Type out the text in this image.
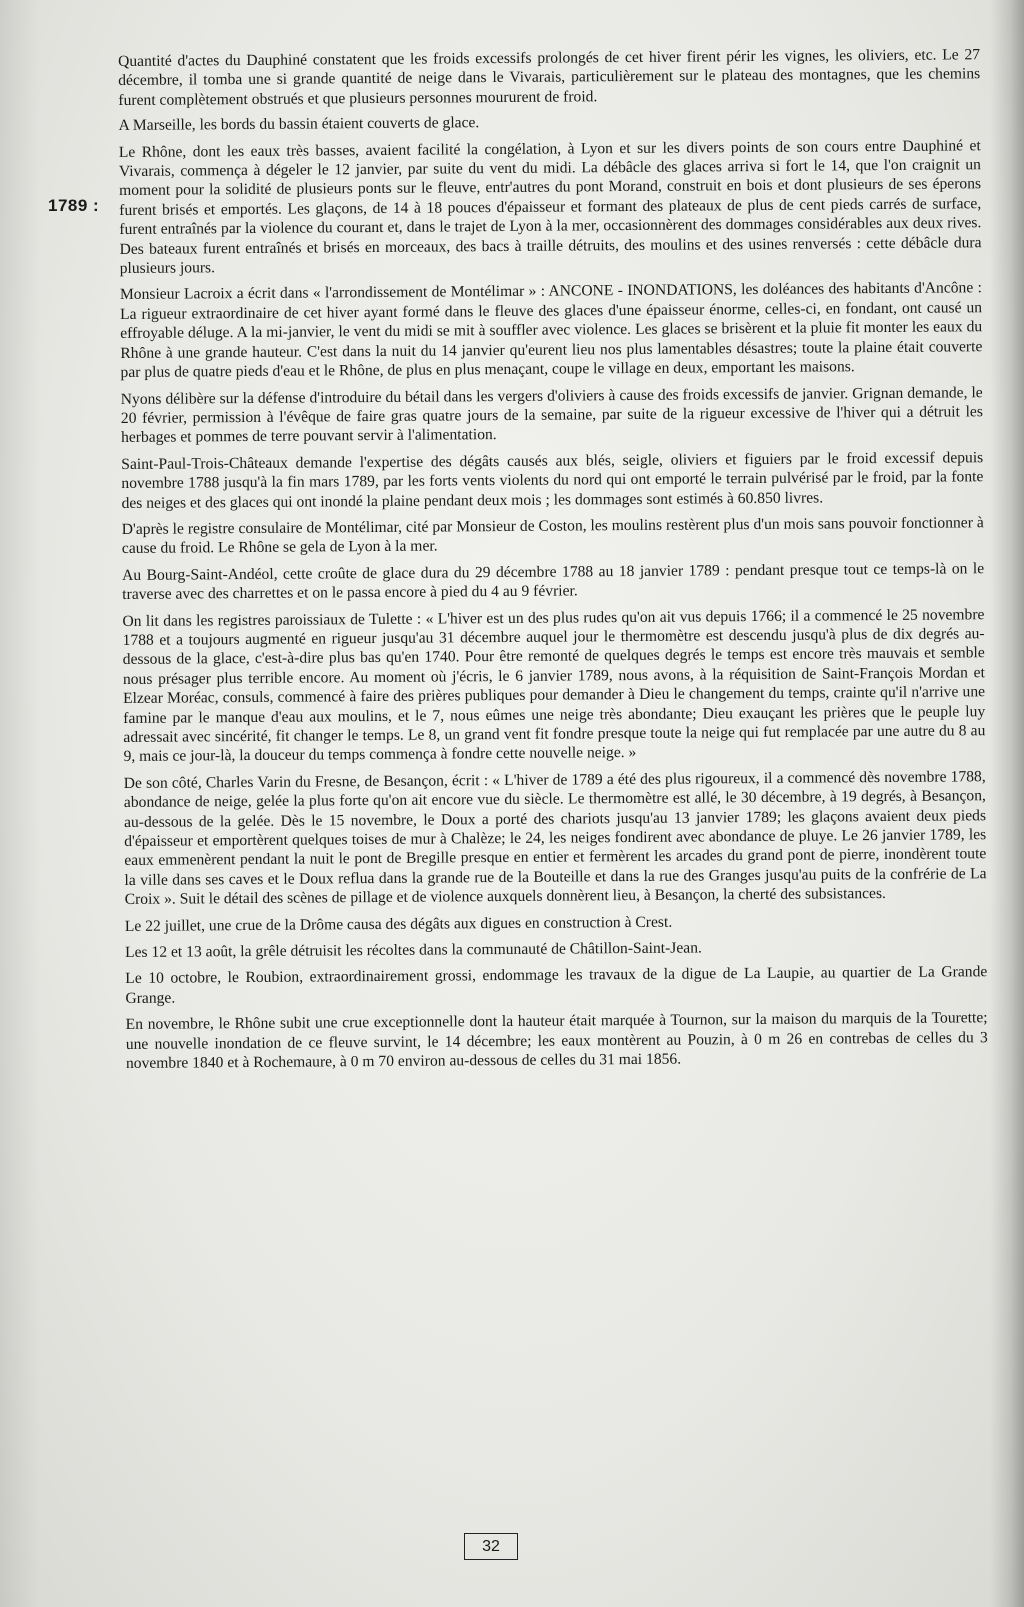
1789 :

Quantité d'actes du Dauphiné constatent que les froids excessifs prolongés de cet hiver firent périr les vignes, les oliviers, etc. Le 27 décembre, il tomba une si grande quantité de neige dans le Vivarais, particulièrement sur le plateau des montagnes, que les chemins furent complètement obstrués et que plusieurs personnes moururent de froid.

A Marseille, les bords du bassin étaient couverts de glace.

Le Rhône, dont les eaux très basses, avaient facilité la congélation, à Lyon et sur les divers points de son cours entre Dauphiné et Vivarais, commença à dégeler le 12 janvier, par suite du vent du midi. La débâcle des glaces arriva si fort le 14, que l'on craignit un moment pour la solidité de plusieurs ponts sur le fleuve, entr'autres du pont Morand, construit en bois et dont plusieurs de ses éperons furent brisés et emportés. Les glaçons, de 14 à 18 pouces d'épaisseur et formant des plateaux de plus de cent pieds carrés de surface, furent entraînés par la violence du courant et, dans le trajet de Lyon à la mer, occasionnèrent des dommages considérables aux deux rives. Des bateaux furent entraînés et brisés en morceaux, des bacs à traille détruits, des moulins et des usines renversés : cette débâcle dura plusieurs jours.

Monsieur Lacroix a écrit dans « l'arrondissement de Montélimar » : ANCONE - INONDATIONS, les doléances des habitants d'Ancône : La rigueur extraordinaire de cet hiver ayant formé dans le fleuve des glaces d'une épaisseur énorme, celles-ci, en fondant, ont causé un effroyable déluge. A la mi-janvier, le vent du midi se mit à souffler avec violence. Les glaces se brisèrent et la pluie fit monter les eaux du Rhône à une grande hauteur. C'est dans la nuit du 14 janvier qu'eurent lieu nos plus lamentables désastres; toute la plaine était couverte par plus de quatre pieds d'eau et le Rhône, de plus en plus menaçant, coupe le village en deux, emportant les maisons.

Nyons délibère sur la défense d'introduire du bétail dans les vergers d'oliviers à cause des froids excessifs de janvier. Grignan demande, le 20 février, permission à l'évêque de faire gras quatre jours de la semaine, par suite de la rigueur excessive de l'hiver qui a détruit les herbages et pommes de terre pouvant servir à l'alimentation.

Saint-Paul-Trois-Châteaux demande l'expertise des dégâts causés aux blés, seigle, oliviers et figuiers par le froid excessif depuis novembre 1788 jusqu'à la fin mars 1789, par les forts vents violents du nord qui ont emporté le terrain pulvérisé par le froid, par la fonte des neiges et des glaces qui ont inondé la plaine pendant deux mois ; les dommages sont estimés à 60.850 livres.

D'après le registre consulaire de Montélimar, cité par Monsieur de Coston, les moulins restèrent plus d'un mois sans pouvoir fonctionner à cause du froid. Le Rhône se gela de Lyon à la mer.

Au Bourg-Saint-Andéol, cette croûte de glace dura du 29 décembre 1788 au 18 janvier 1789 : pendant presque tout ce temps-là on le traverse avec des charrettes et on le passa encore à pied du 4 au 9 février.

On lit dans les registres paroissiaux de Tulette : « L'hiver est un des plus rudes qu'on ait vus depuis 1766; il a commencé le 25 novembre 1788 et a toujours augmenté en rigueur jusqu'au 31 décembre auquel jour le thermomètre est descendu jusqu'à plus de dix degrés au-dessous de la glace, c'est-à-dire plus bas qu'en 1740. Pour être remonté de quelques degrés le temps est encore très mauvais et semble nous présager plus terrible encore. Au moment où j'écris, le 6 janvier 1789, nous avons, à la réquisition de Saint-François Mordan et Elzear Moréac, consuls, commencé à faire des prières publiques pour demander à Dieu le changement du temps, crainte qu'il n'arrive une famine par le manque d'eau aux moulins, et le 7, nous eûmes une neige très abondante; Dieu exauçant les prières que le peuple luy adressait avec sincérité, fit changer le temps. Le 8, un grand vent fit fondre presque toute la neige qui fut remplacée par une autre du 8 au 9, mais ce jour-là, la douceur du temps commença à fondre cette nouvelle neige. »

De son côté, Charles Varin du Fresne, de Besançon, écrit : « L'hiver de 1789 a été des plus rigoureux, il a commencé dès novembre 1788, abondance de neige, gelée la plus forte qu'on ait encore vue du siècle. Le thermomètre est allé, le 30 décembre, à 19 degrés, à Besançon, au-dessous de la gelée. Dès le 15 novembre, le Doux a porté des chariots jusqu'au 13 janvier 1789; les glaçons avaient deux pieds d'épaisseur et emportèrent quelques toises de mur à Chalèze; le 24, les neiges fondirent avec abondance de pluye. Le 26 janvier 1789, les eaux emmenèrent pendant la nuit le pont de Bregille presque en entier et fermèrent les arcades du grand pont de pierre, inondèrent toute la ville dans ses caves et le Doux reflua dans la grande rue de la Bouteille et dans la rue des Granges jusqu'au puits de la confrérie de La Croix ». Suit le détail des scènes de pillage et de violence auxquels donnèrent lieu, à Besançon, la cherté des subsistances.

Le 22 juillet, une crue de la Drôme causa des dégâts aux digues en construction à Crest.

Les 12 et 13 août, la grêle détruisit les récoltes dans la communauté de Châtillon-Saint-Jean.

Le 10 octobre, le Roubion, extraordinairement grossi, endommage les travaux de la digue de La Laupie, au quartier de La Grande Grange.

En novembre, le Rhône subit une crue exceptionnelle dont la hauteur était marquée à Tournon, sur la maison du marquis de la Tourette; une nouvelle inondation de ce fleuve survint, le 14 décembre; les eaux montèrent au Pouzin, à 0 m 26 en contrebas de celles du 3 novembre 1840 et à Rochemaure, à 0 m 70 environ au-dessous de celles du 31 mai 1856.

32
